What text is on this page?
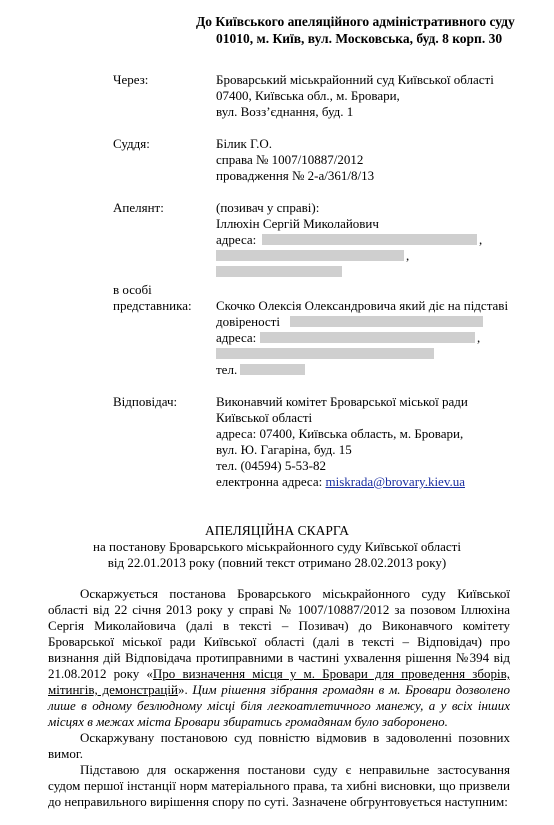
До Київського апеляційного адміністративного суду
01010, м. Київ, вул. Московська, буд. 8 корп. 30
Через:	Броварський міськрайонний суд Київської області
07400, Київська обл., м. Бровари,
вул. Возз’єднання, буд. 1
Суддя:	Білик Г.О.
справа № 1007/10887/2012
провадження № 2-а/361/8/13
Апелянт:	(позивач у справі):
Іллюхін Сергій Миколайович
адреса:	,
,
в особі
представника: Скочко Олексія Олександровича який діє на підставі
довіреності
адреса:	,
тел.
Відповідач:	Виконавчий комітет Броварської міської ради
Київської області
адреса: 07400, Київська область, м. Бровари,
вул. Ю. Гагаріна, буд. 15
тел. (04594) 5-53-82
електронна адреса: miskrada@brovary.kiev.ua
АПЕЛЯЦІЙНА СКАРГА
на постанову Броварського міськрайонного суду Київської області
від 22.01.2013 року (повний текст отримано 28.02.2013 року)
Оскаржується постанова Броварського міськрайонного суду Київської області від 22 січня 2013 року у справі № 1007/10887/2012 за позовом Іллюхіна Сергія Миколайовича (далі в тексті – Позивач) до Виконавчого комітету Броварської міської ради Київської області (далі в тексті – Відповідач) про визнання дій Відповідача протиправними в частині ухвалення рішення №394 від 21.08.2012 року «Про визначення місця у м. Бровари для проведення зборів, мітингів, демонстрацій». Цим рішення зібрання громадян в м. Бровари дозволено лише в одному безлюдному місці біля легкоатлетичного манежу, а у всіх інших місцях в межах міста Бровари збиратись громадянам було заборонено.
Оскаржувану постановою суд повністю відмовив в задоволенні позовних вимог.
Підставою для оскарження постанови суду є неправильне застосування судом першої інстанції норм матеріального права, та хибні висновки, що призвели до неправильного вирішення спору по суті. Зазначене обгрунтовується наступним:
